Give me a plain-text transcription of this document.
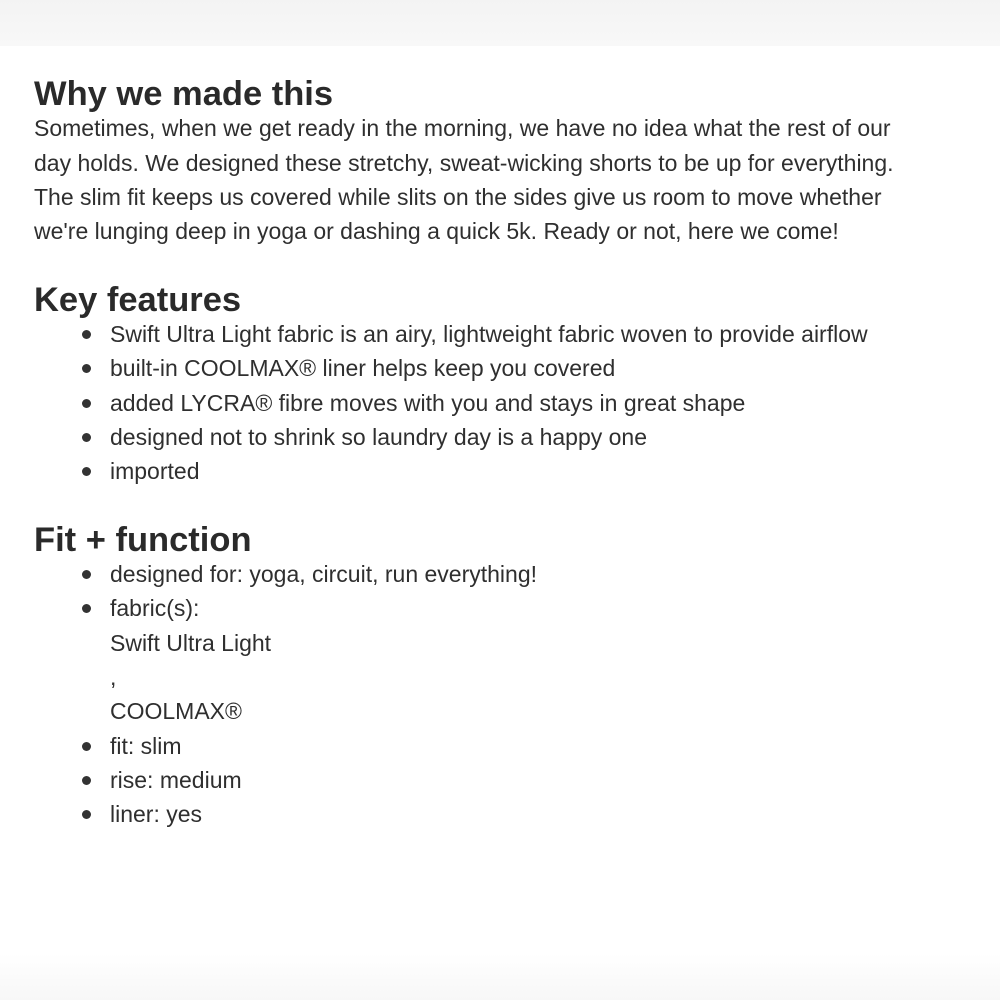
Why we made this

Sometimes, when we get ready in the morning, we have no idea what the rest of our
day holds. We designed these stretchy, sweat-wicking shorts to be up for everything.
The slim fit keeps us covered while slits on the sides give us room to move whether
we're lunging deep in yoga or dashing a quick 5k. Ready or not, here we come!

Key features
Swift Ultra Light fabric is an airy, lightweight fabric woven to provide airflow
built-in COOLMAX® liner helps keep you covered
added LYCRA® fibre moves with you and stays in great shape
designed not to shrink so laundry day is a happy one
imported
Fit + function
designed for: yoga, circuit, run everything!
fabric(s):
Swift Ultra Light
,
COOLMAX®
fit: slim
rise: medium
liner: yes
